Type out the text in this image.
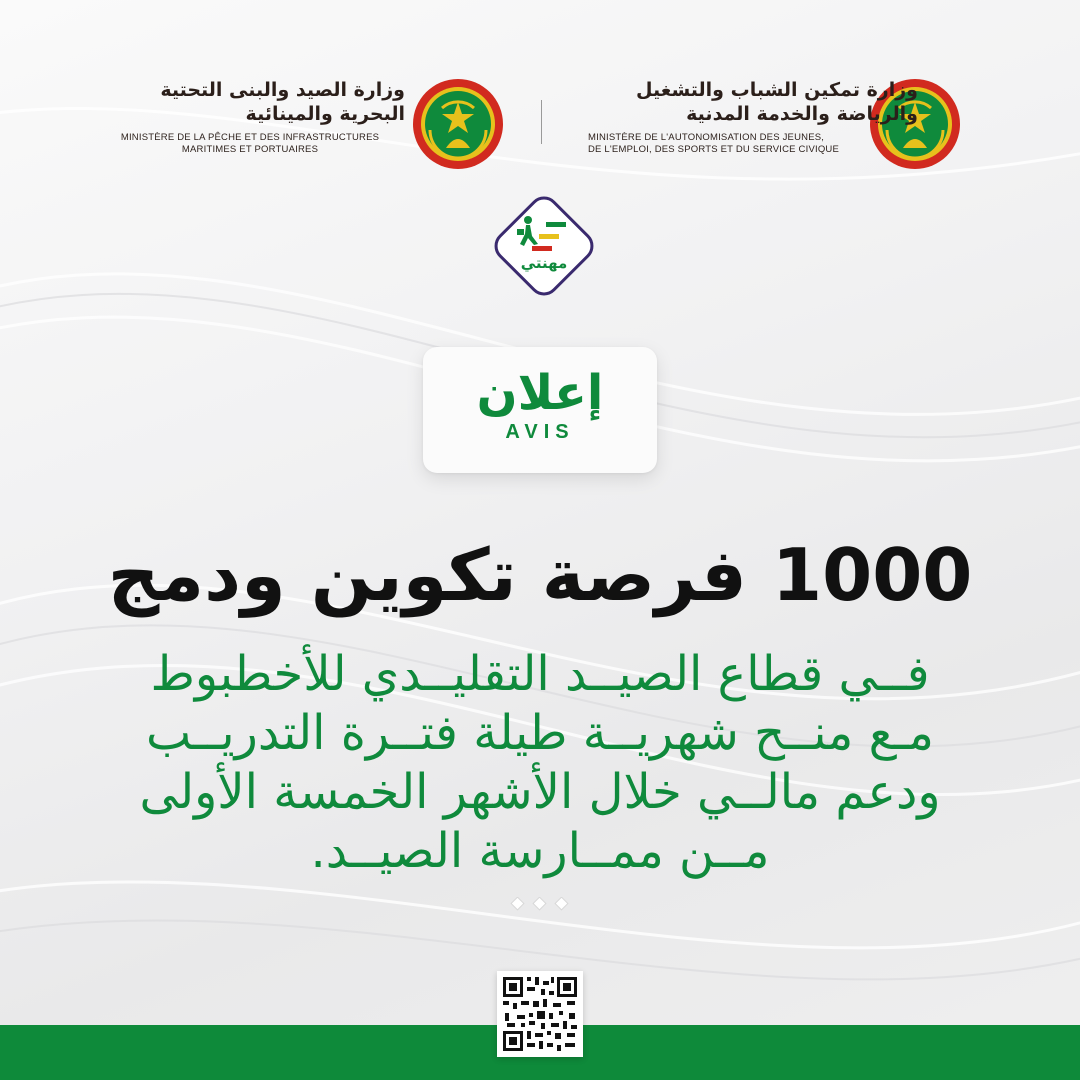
وزارة تمكين الشباب والتشغيل
والرياضة والخدمة المدنية
MINISTÈRE DE L'AUTONOMISATION DES JEUNES,
DE L'EMPLOI, DES SPORTS ET DU SERVICE CIVIQUE
وزارة الصيد والبنى التحتية
البحرية والمينائية
MINISTÈRE DE LA PÊCHE ET DES INFRASTRUCTURES
MARITIMES ET PORTUAIRES
مهنتي
إعلان
AVIS
1000 فرصة تكوين ودمج
فــي قطاع الصيــد التقليــدي للأخطبوط
مـع منــح شهريــة طيلة فتــرة التدريــب
ودعم مالــي خلال الأشهر الخمسة الأولى
مــن ممــارسة الصيــد.
